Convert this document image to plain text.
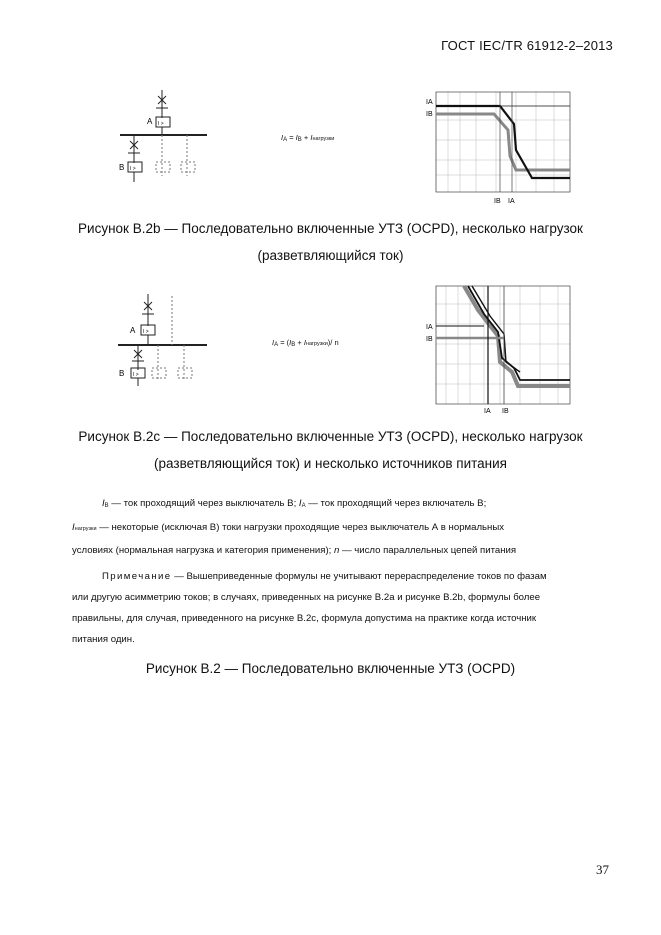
ГОСТ IEC/TR 61912-2–2013
A I >
B I >
IA = IB + Iнагрузки
IA
IB
IB IA
Рисунок В.2b — Последовательно включенные УТЗ (OCPD), несколько нагрузок
(разветвляющийся ток)
A I >
B I >
IA = (IB + Iнагрузки)/ n
IA
IB
IA IB
Рисунок В.2с — Последовательно включенные УТЗ (OCPD), несколько нагрузок
(разветвляющийся ток) и несколько источников питания
IB — ток проходящий через выключатель В; IA — ток проходящий через включатель В;
Iнагрузки — некоторые (исключая В) токи нагрузки проходящие через выключатель А в нормальных
условиях (нормальная нагрузка и категория применения); n — число параллельных цепей питания
Примечание — Вышеприведенные формулы не учитывают перераспределение токов по фазам
или другую асимметрию токов; в случаях, приведенных на рисунке В.2а и рисунке В.2b, формулы более
правильны, для случая, приведенного на рисунке В.2с, формула допустима на практике когда источник
питания один.
Рисунок В.2 — Последовательно включенные УТЗ (OCPD)
37
